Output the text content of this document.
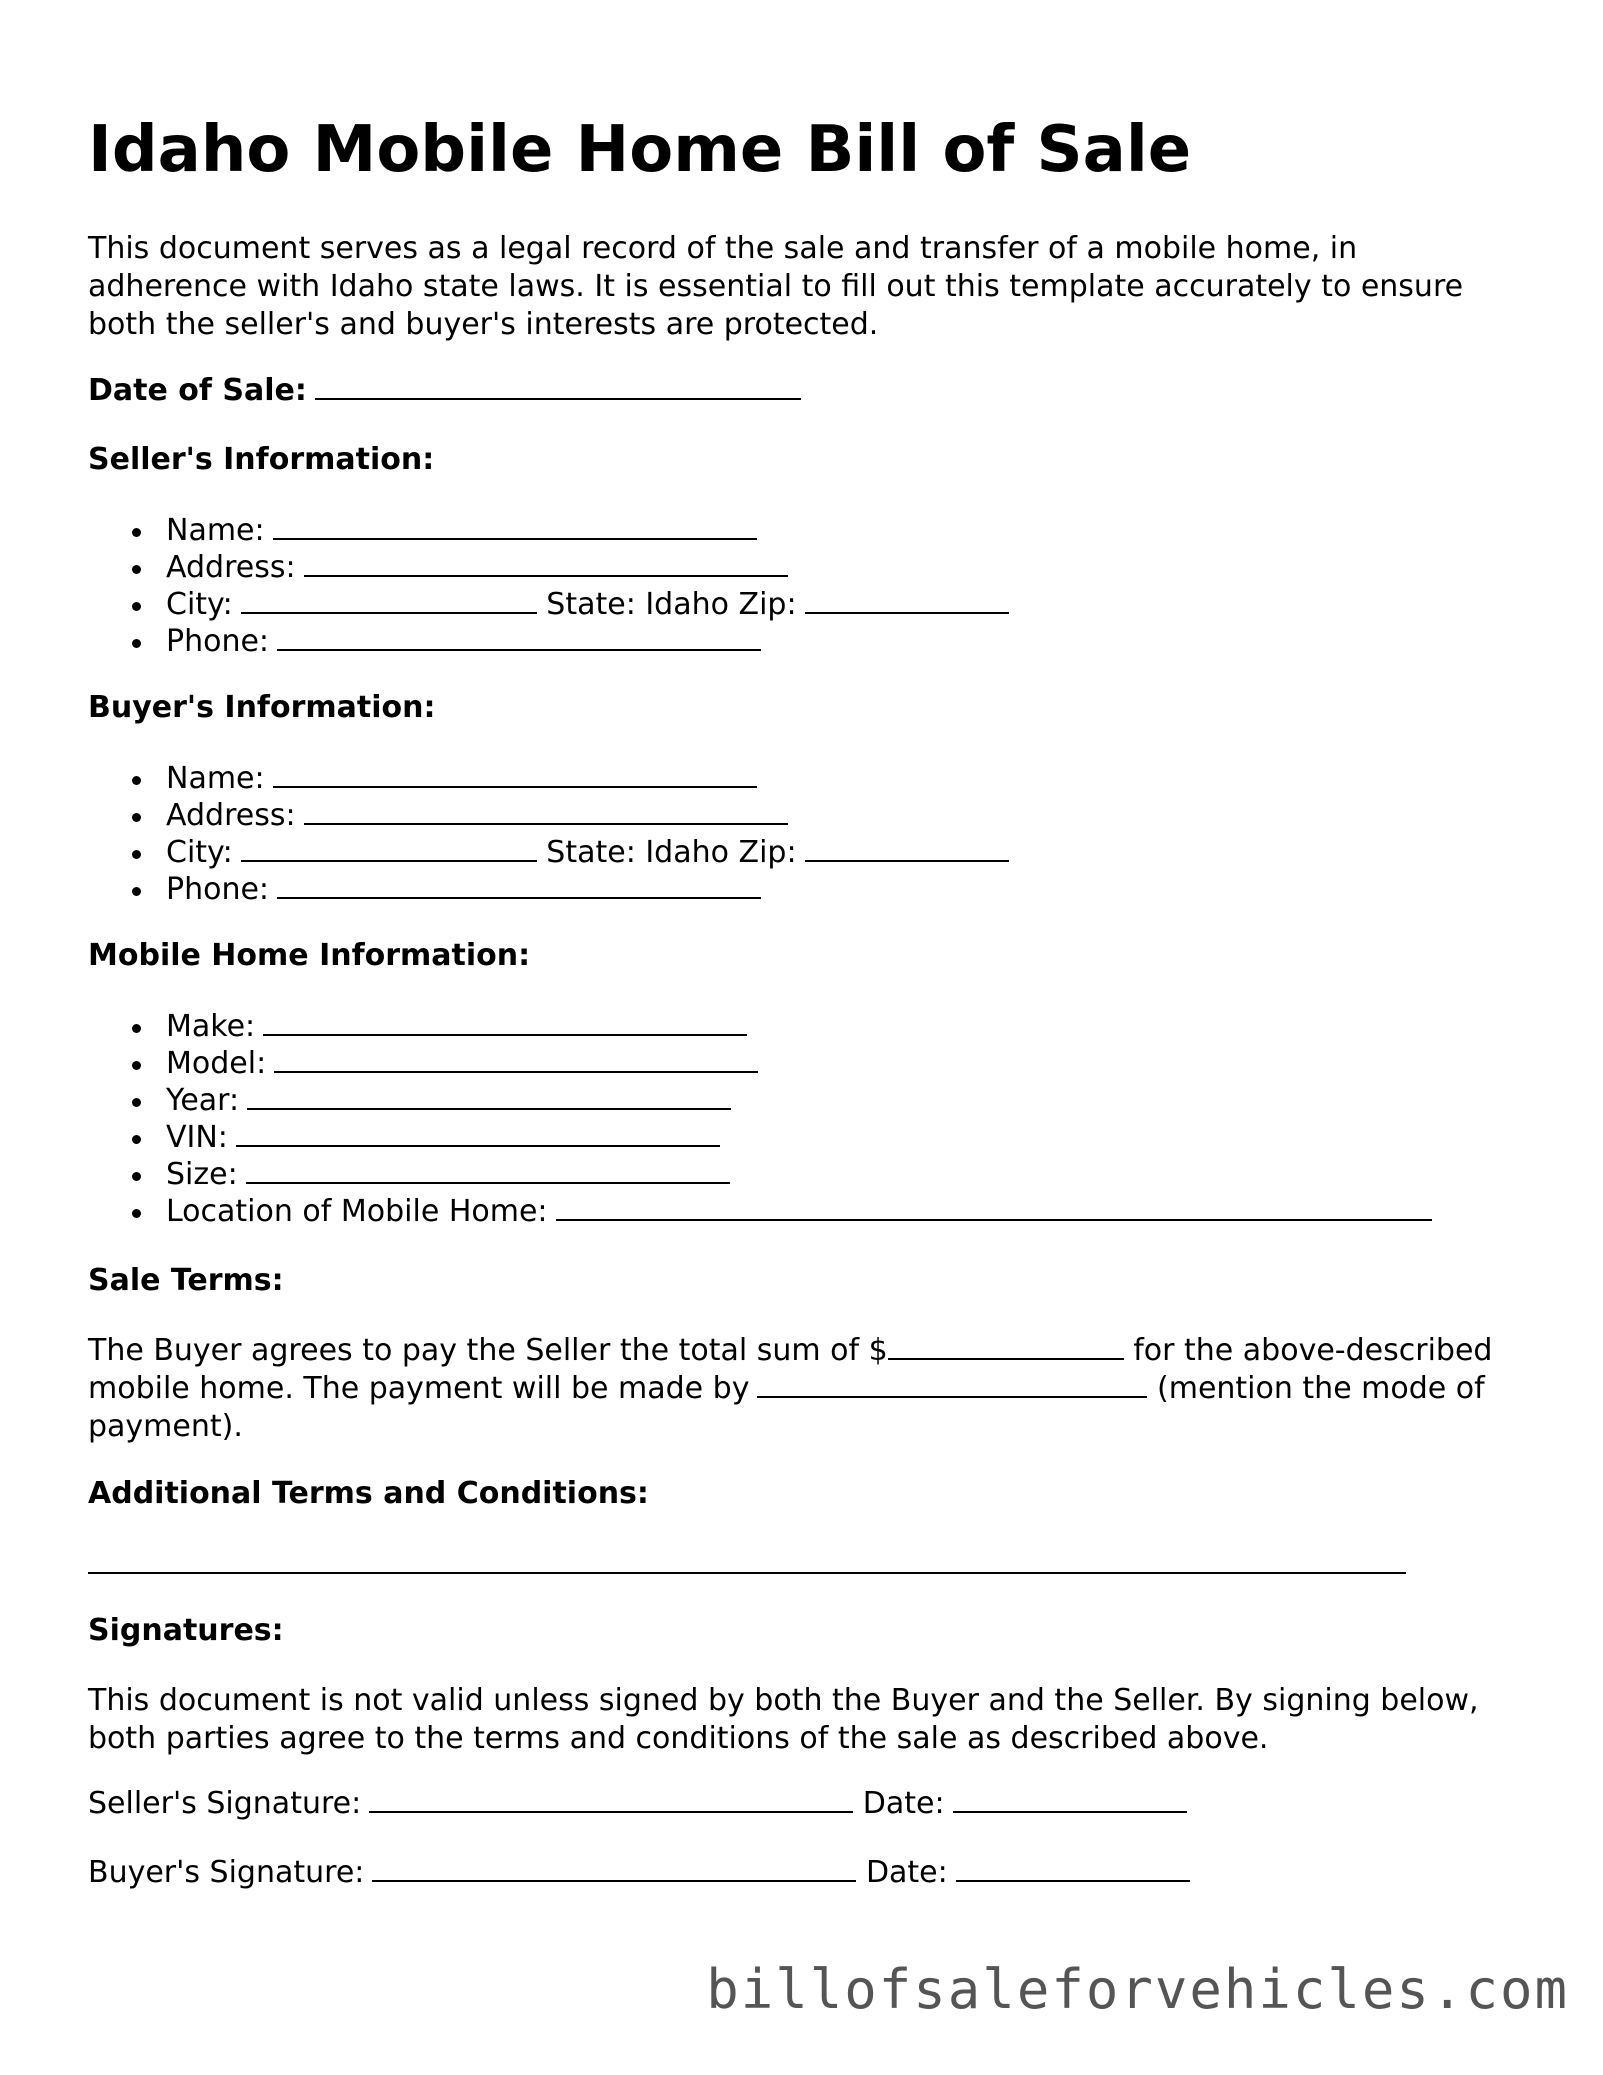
Idaho Mobile Home Bill of Sale

This document serves as a legal record of the sale and transfer of a mobile home, in adherence with Idaho state laws. It is essential to fill out this template accurately to ensure both the seller's and buyer's interests are protected.

Date of Sale:

Seller's Information:

Name:
Address:
City:	State: Idaho Zip:
Phone:

Buyer's Information:

Name:
Address:
City:	State: Idaho Zip:
Phone:

Mobile Home Information:

Make:
Model:
Year:
VIN:
Size:
Location of Mobile Home:

Sale Terms:

The Buyer agrees to pay the Seller the total sum of $	for the above-described mobile home. The payment will be made by	(mention the mode of payment).

Additional Terms and Conditions:

Signatures:

This document is not valid unless signed by both the Buyer and the Seller. By signing below, both parties agree to the terms and conditions of the sale as described above.

Seller's Signature:	Date:

Buyer's Signature:	Date:

billofsaleforvehicles.com
